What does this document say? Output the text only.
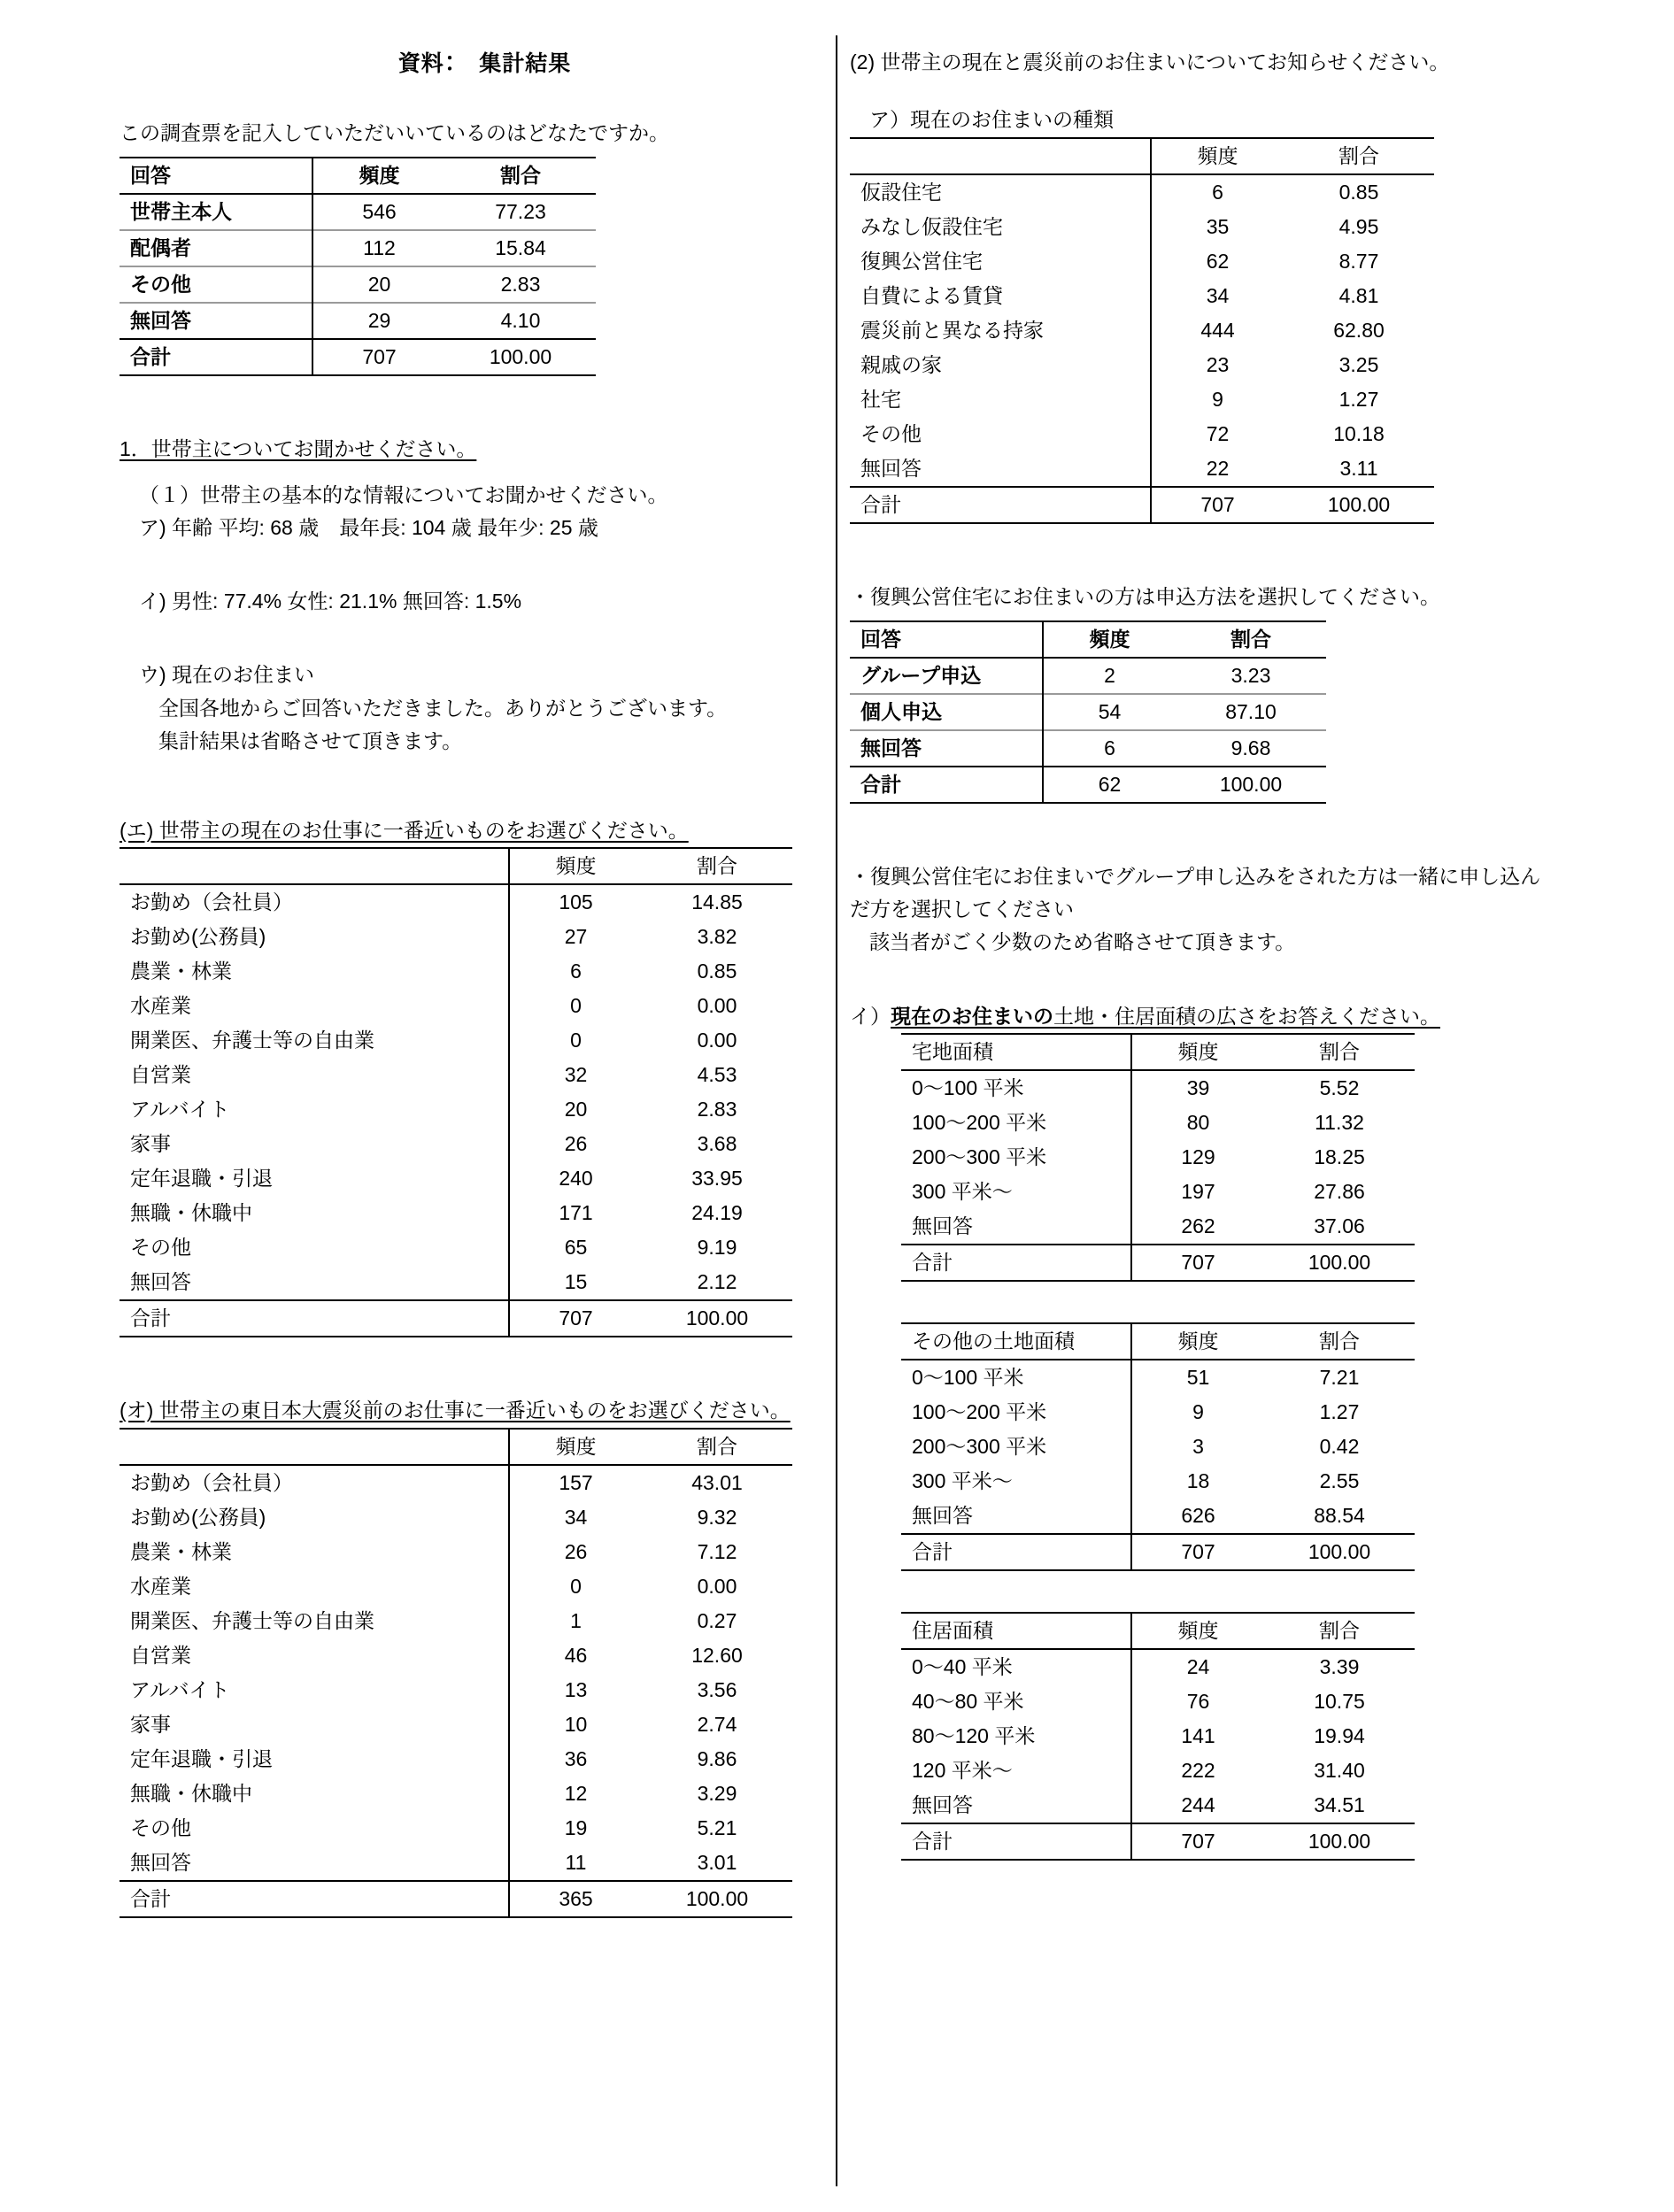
資料：　集計結果

この調査票を記入していただいいているのはどなたですか。

回答	頻度	割合
世帯主本人	546	77.23
配偶者	112	15.84
その他	20	2.83
無回答	29	4.10
合計	707	100.00

1．世帯主についてお聞かせください。

（１）世帯主の基本的な情報についてお聞かせください。

ア) 年齢 平均: 68 歳　最年長: 104 歳 最年少: 25 歳

イ) 男性: 77.4% 女性: 21.1% 無回答: 1.5%

ウ) 現在のお住まい

全国各地からご回答いただきました。ありがとうございます。

集計結果は省略させて頂きます。

(エ) 世帯主の現在のお仕事に一番近いものをお選びください。

	頻度	割合
お勤め（会社員）	105	14.85
お勤め(公務員)	27	3.82
農業・林業	6	0.85
水産業	0	0.00
開業医、弁護士等の自由業	0	0.00
自営業	32	4.53
アルバイト	20	2.83
家事	26	3.68
定年退職・引退	240	33.95
無職・休職中	171	24.19
その他	65	9.19
無回答	15	2.12
合計	707	100.00

(オ) 世帯主の東日本大震災前のお仕事に一番近いものをお選びください。

	頻度	割合
お勤め（会社員）	157	43.01
お勤め(公務員)	34	9.32
農業・林業	26	7.12
水産業	0	0.00
開業医、弁護士等の自由業	1	0.27
自営業	46	12.60
アルバイト	13	3.56
家事	10	2.74
定年退職・引退	36	9.86
無職・休職中	12	3.29
その他	19	5.21
無回答	11	3.01
合計	365	100.00

(2) 世帯主の現在と震災前のお住まいについてお知らせください。

ア）現在のお住まいの種類

	頻度	割合
仮設住宅	6	0.85
みなし仮設住宅	35	4.95
復興公営住宅	62	8.77
自費による賃貸	34	4.81
震災前と異なる持家	444	62.80
親戚の家	23	3.25
社宅	9	1.27
その他	72	10.18
無回答	22	3.11
合計	707	100.00

・復興公営住宅にお住まいの方は申込方法を選択してください。

回答	頻度	割合
グループ申込	2	3.23
個人申込	54	87.10
無回答	6	9.68
合計	62	100.00

・復興公営住宅にお住まいでグループ申し込みをされた方は一緒に申し込ん

だ方を選択してください

該当者がごく少数のため省略させて頂きます。

イ）現在のお住まいの土地・住居面積の広さをお答えください。

宅地面積	頻度	割合
0〜100 平米	39	5.52
100〜200 平米	80	11.32
200〜300 平米	129	18.25
300 平米〜	197	27.86
無回答	262	37.06
合計	707	100.00
その他の土地面積	頻度	割合
0〜100 平米	51	7.21
100〜200 平米	9	1.27
200〜300 平米	3	0.42
300 平米〜	18	2.55
無回答	626	88.54
合計	707	100.00
住居面積	頻度	割合
0〜40 平米	24	3.39
40〜80 平米	76	10.75
80〜120 平米	141	19.94
120 平米〜	222	31.40
無回答	244	34.51
合計	707	100.00
